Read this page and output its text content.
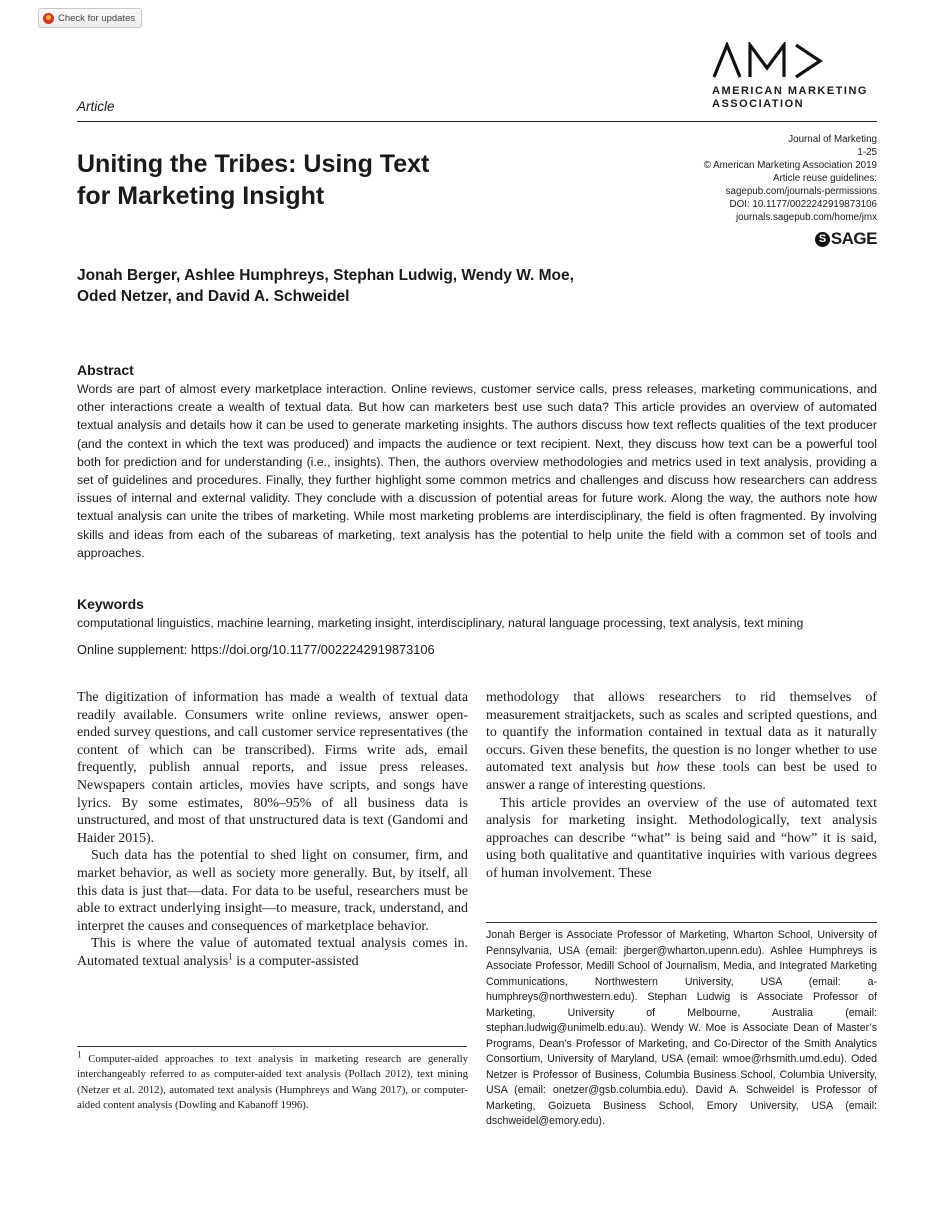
Check for updates
Article
AMERICAN MARKETING
ASSOCIATION
Journal of Marketing
1-25
© American Marketing Association 2019
Article reuse guidelines:
sagepub.com/journals-permissions
DOI: 10.1177/0022242919873106
journals.sagepub.com/home/jmx
S SAGE
Uniting the Tribes: Using Text
for Marketing Insight
Jonah Berger, Ashlee Humphreys, Stephan Ludwig, Wendy W. Moe,
Oded Netzer, and David A. Schweidel
Abstract
Words are part of almost every marketplace interaction. Online reviews, customer service calls, press releases, marketing communications, and other interactions create a wealth of textual data. But how can marketers best use such data? This article provides an overview of automated textual analysis and details how it can be used to generate marketing insights. The authors discuss how text reflects qualities of the text producer (and the context in which the text was produced) and impacts the audience or text recipient. Next, they discuss how text can be a powerful tool both for prediction and for understanding (i.e., insights). Then, the authors overview methodologies and metrics used in text analysis, providing a set of guidelines and procedures. Finally, they further highlight some common metrics and challenges and discuss how researchers can address issues of internal and external validity. They conclude with a discussion of potential areas for future work. Along the way, the authors note how textual analysis can unite the tribes of marketing. While most marketing problems are interdisciplinary, the field is often fragmented. By involving skills and ideas from each of the subareas of marketing, text analysis has the potential to help unite the field with a common set of tools and approaches.
Keywords
computational linguistics, machine learning, marketing insight, interdisciplinary, natural language processing, text analysis, text mining
Online supplement: https://doi.org/10.1177/0022242919873106

The digitization of information has made a wealth of textual data readily available. Consumers write online reviews, answer open-ended survey questions, and call customer service representatives (the content of which can be transcribed). Firms write ads, email frequently, publish annual reports, and issue press releases. Newspapers contain articles, movies have scripts, and songs have lyrics. By some estimates, 80%–95% of all business data is unstructured, and most of that unstructured data is text (Gandomi and Haider 2015).

Such data has the potential to shed light on consumer, firm, and market behavior, as well as society more generally. But, by itself, all this data is just that—data. For data to be useful, researchers must be able to extract underlying insight—to measure, track, understand, and interpret the causes and consequences of marketplace behavior.

This is where the value of automated textual analysis comes in. Automated textual analysis$^1$ is a computer-assisted

methodology that allows researchers to rid themselves of measurement straitjackets, such as scales and scripted questions, and to quantify the information contained in textual data as it naturally occurs. Given these benefits, the question is no longer whether to use automated text analysis but how these tools can best be used to answer a range of interesting questions.

This article provides an overview of the use of automated text analysis for marketing insight. Methodologically, text analysis approaches can describe “what” is being said and “how” it is said, using both qualitative and quantitative inquiries with various degrees of human involvement. These

$^1$ Computer-aided approaches to text analysis in marketing research are generally interchangeably referred to as computer-aided text analysis (Pollach 2012), text mining (Netzer et al. 2012), automated text analysis (Humphreys and Wang 2017), or computer-aided content analysis (Dowling and Kabanoff 1996).
Jonah Berger is Associate Professor of Marketing, Wharton School, University of Pennsylvania, USA (email: jberger@wharton.upenn.edu). Ashlee Humphreys is Associate Professor, Medill School of Journalism, Media, and Integrated Marketing Communications, Northwestern University, USA (email: a-humphreys@northwestern.edu). Stephan Ludwig is Associate Professor of Marketing, University of Melbourne, Australia (email: stephan.ludwig@unimelb.edu.au). Wendy W. Moe is Associate Dean of Master’s Programs, Dean’s Professor of Marketing, and Co-Director of the Smith Analytics Consortium, University of Maryland, USA (email: wmoe@rhsmith.umd.edu). Oded Netzer is Professor of Business, Columbia Business School, Columbia University, USA (email: onetzer@gsb.columbia.edu). David A. Schweidel is Professor of Marketing, Goizueta Business School, Emory University, USA (email: dschweidel@emory.edu).
